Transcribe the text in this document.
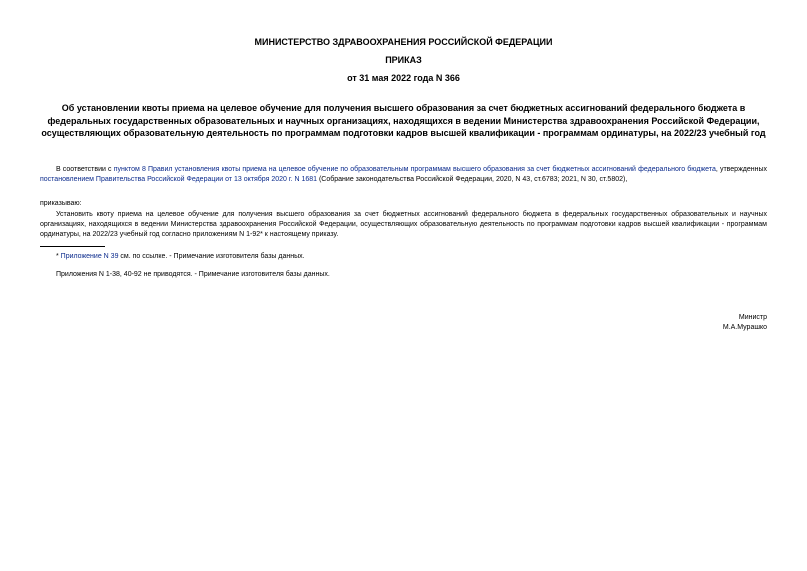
МИНИСТЕРСТВО ЗДРАВООХРАНЕНИЯ РОССИЙСКОЙ ФЕДЕРАЦИИ
ПРИКАЗ
от 31 мая 2022 года N 366
Об установлении квоты приема на целевое обучение для получения высшего образования за счет бюджетных ассигнований федерального бюджета в федеральных государственных образовательных и научных организациях, находящихся в ведении Министерства здравоохранения Российской Федерации, осуществляющих образовательную деятельность по программам подготовки кадров высшей квалификации - программам ординатуры, на 2022/23 учебный год
В соответствии с пунктом 8 Правил установления квоты приема на целевое обучение по образовательным программам высшего образования за счет бюджетных ассигнований федерального бюджета, утвержденных постановлением Правительства Российской Федерации от 13 октября 2020 г. N 1681 (Собрание законодательства Российской Федерации, 2020, N 43, ст.6783; 2021, N 30, ст.5802),
приказываю:
Установить квоту приема на целевое обучение для получения высшего образования за счет бюджетных ассигнований федерального бюджета в федеральных государственных образовательных и научных организациях, находящихся в ведении Министерства здравоохранения Российской Федерации, осуществляющих образовательную деятельность по программам подготовки кадров высшей квалификации - программам ординатуры, на 2022/23 учебный год согласно приложениям N 1-92* к настоящему приказу.
* Приложение N 39 см. по ссылке. - Примечание изготовителя базы данных.
Приложения N 1-38, 40-92 не приводятся. - Примечание изготовителя базы данных.
Министр
М.А.Мурашко
